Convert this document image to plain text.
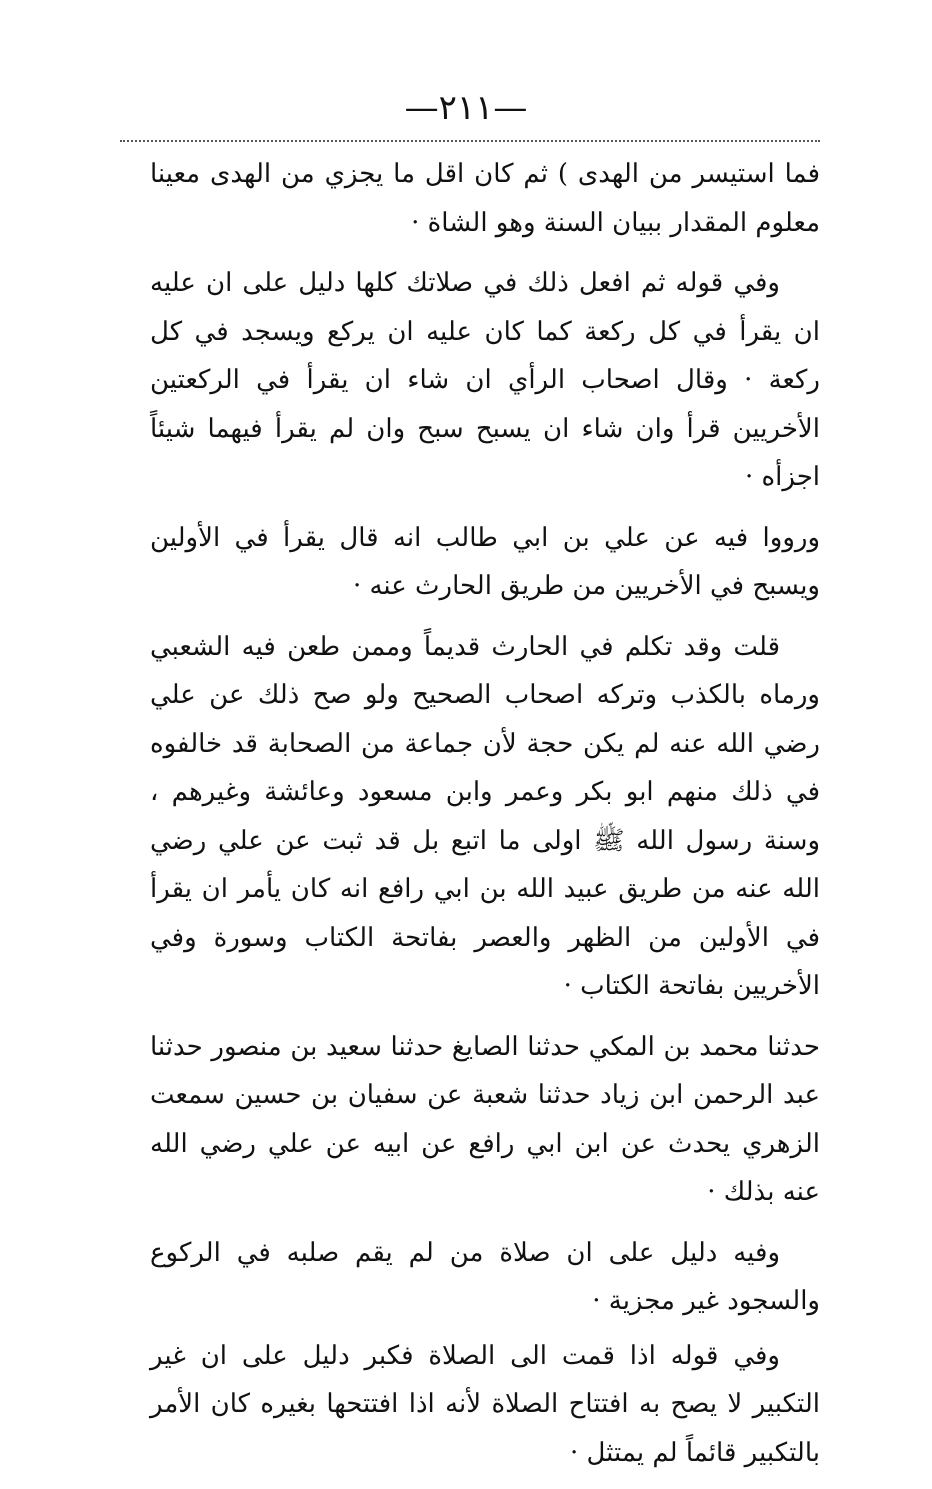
—٢١١—

فما استيسر من الهدى ) ثم كان اقل ما يجزي من الهدى معينا معلوم المقدار ببيان السنة وهو الشاة ·

وفي قوله ثم افعل ذلك في صلاتك كلها دليل على ان عليه ان يقرأ في كل ركعة كما كان عليه ان يركع ويسجد في كل ركعة · وقال اصحاب الرأي ان شاء ان يقرأ في الركعتين الأخريين قرأ وان شاء ان يسبح سبح وان لم يقرأ فيهما شيئاً اجزأه ·

ورووا فيه عن علي بن ابي طالب انه قال يقرأ في الأولين ويسبح في الأخريين من طريق الحارث عنه ·

قلت وقد تكلم في الحارث قديماً وممن طعن فيه الشعبي ورماه بالكذب وتركه اصحاب الصحيح ولو صح ذلك عن علي رضي الله عنه لم يكن حجة لأن جماعة من الصحابة قد خالفوه في ذلك منهم ابو بكر وعمر وابن مسعود وعائشة وغيرهم ، وسنة رسول الله ﷺ اولى ما اتبع بل قد ثبت عن علي رضي الله عنه من طريق عبيد الله بن ابي رافع انه كان يأمر ان يقرأ في الأولين من الظهر والعصر بفاتحة الكتاب وسورة وفي الأخريين بفاتحة الكتاب ·

حدثنا محمد بن المكي حدثنا الصايغ حدثنا سعيد بن منصور حدثنا عبد الرحمن ابن زياد حدثنا شعبة عن سفيان بن حسين سمعت الزهري يحدث عن ابن ابي رافع عن ابيه عن علي رضي الله عنه بذلك ·

وفيه دليل على ان صلاة من لم يقم صلبه في الركوع والسجود غير مجزية ·

وفي قوله اذا قمت الى الصلاة فكبر دليل على ان غير التكبير لا يصح به افتتاح الصلاة لأنه اذا افتتحها بغيره كان الأمر بالتكبير قائماً لم يمتثل ·
